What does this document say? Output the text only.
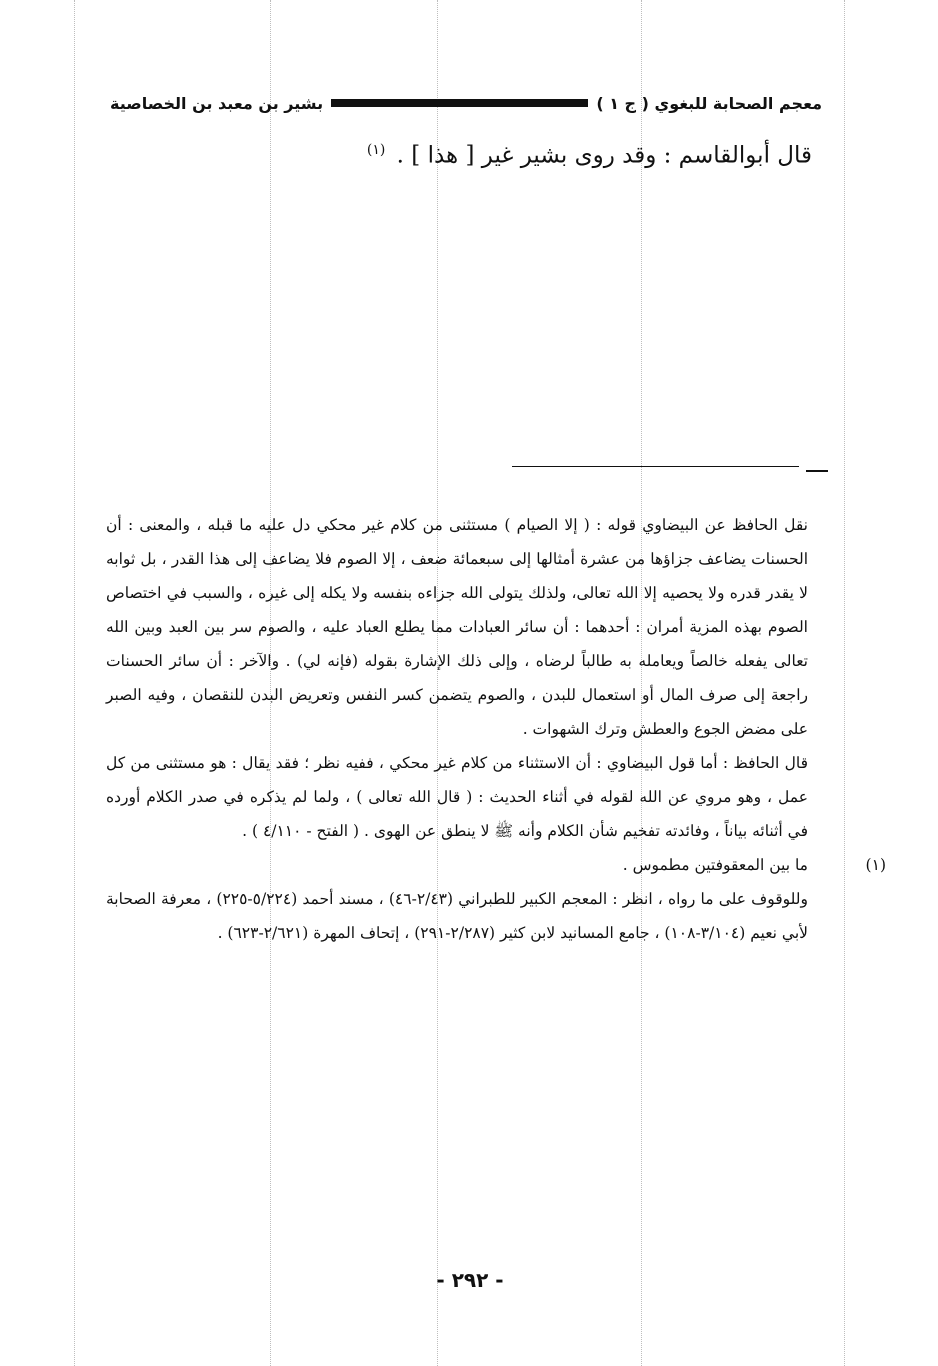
معجم الصحابة للبغوي ( ج ١ )
بشير بن معبد بن الخصاصية
قال أبوالقاسم : وقد روى بشير غير [ هذا ] . $^{(١)}$

نقل الحافظ عن البيضاوي قوله : ( إلا الصيام ) مستثنى من كلام غير محكي دل عليه ما قبله ، والمعنى : أن الحسنات يضاعف جزاؤها من عشرة أمثالها إلى سبعمائة ضعف ، إلا الصوم فلا يضاعف إلى هذا القدر ، بل ثوابه لا يقدر قدره ولا يحصيه إلا الله تعالى، ولذلك يتولى الله جزاءه بنفسه ولا يكله إلى غيره ، والسبب في اختصاص الصوم بهذه المزية أمران : أحدهما : أن سائر العبادات مما يطلع العباد عليه ، والصوم سر بين العبد وبين الله تعالى يفعله خالصاً ويعامله به طالباً لرضاه ، وإلى ذلك الإشارة بقوله (فإنه لي) . والآخر : أن سائر الحسنات راجعة إلى صرف المال أو استعمال للبدن ، والصوم يتضمن كسر النفس وتعريض البدن للنقصان ، وفيه الصبر على مضض الجوع والعطش وترك الشهوات .

قال الحافظ : أما قول البيضاوي : أن الاستثناء من كلام غير محكي ، ففيه نظر ؛ فقد يقال : هو مستثنى من كل عمل ، وهو مروي عن الله لقوله في أثناء الحديث : ( قال الله تعالى ) ، ولما لم يذكره في صدر الكلام أورده في أثنائه بياناً ، وفائدته تفخيم شأن الكلام وأنه ﷺ لا ينطق عن الهوى . ( الفتح - ٤/١١٠ ) .

(١)

ما بين المعقوفتين مطموس .

وللوقوف على ما رواه ، انظر : المعجم الكبير للطبراني (٢/٤٣-٤٦) ، مسند أحمد (٥/٢٢٤-٢٢٥) ، معرفة الصحابة لأبي نعيم (٣/١٠٤-١٠٨) ، جامع المسانيد لابن كثير (٢/٢٨٧-٢٩١) ، إتحاف المهرة (٢/٦٢١-٦٢٣) .

- ٢٩٢ -
